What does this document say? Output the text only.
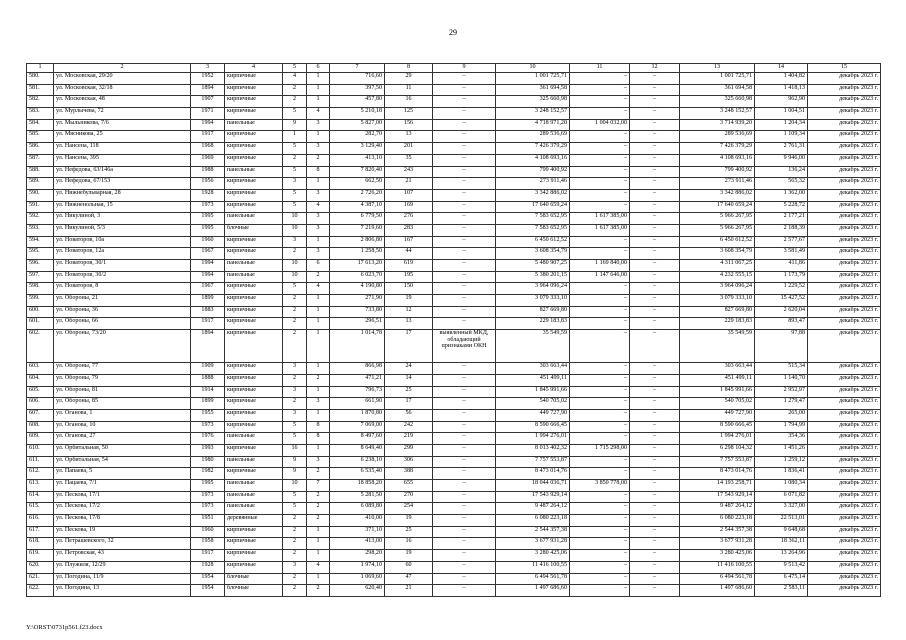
29
1	2	3	4	5	6	7	8	9	10	11	12	13	14	15
580.	ул. Московская, 29/20	1952	кирпичные	4	1	716,60	29	–	1 001 725,71	–	–	1 001 725,71	1 404,82	декабрь 2023 г.
581.	ул. Московская, 32/18	1894	кирпичные	2	1	397,50	11	–	361 694,58	–	–	361 694,58	1 418,13	декабрь 2023 г.
582.	ул. Московская, 48	1907	кирпичные	2	1	457,80	16	–	325 660,98	–	–	325 660,98	962,90	декабрь 2023 г.
583.	ул. Мурлычева, 72	1971	кирпичные	5	4	5 210,18	125	–	3 248 152,57	–	–	3 248 152,57	1 004,51	декабрь 2023 г.
584.	ул. Мыльникова, 7/6	1994	панельные	9	3	5 827,00	156	–	4 718 971,20	1 004 032,00	–	3 714 939,20	1 204,34	декабрь 2023 г.
585.	ул. Мясникова, 25	1917	кирпичные	1	1	282,70	13	–	289 536,69	–	–	289 536,69	1 109,34	декабрь 2023 г.
586.	ул. Нансена, 118	1968	кирпичные	5	3	3 129,40	201	–	7 426 379,29	–	–	7 426 379,29	2 761,31	декабрь 2023 г.
587.	ул. Нансена, 395	1969	кирпичные	2	2	413,10	35	–	4 108 693,16	–	–	4 108 693,16	9 946,00	декабрь 2023 г.
588.	ул. Нефедова, 63/146а	1988	панельные	5	8	7 820,40	243	–	799 400,92	–	–	799 400,92	136,24	декабрь 2023 г.
589.	ул. Нефедова, 67/153	1956	кирпичные	3	1	662,50	21	–	273 911,46	–	–	273 911,46	565,32	декабрь 2023 г.
590.	ул. Нижнебульварная, 28	1928	кирпичные	5	3	2 726,20	107	–	3 342 886,02	–	–	3 342 886,02	1 362,00	декабрь 2023 г.
591.	ул. Нижненольная, 15	1973	кирпичные	5	4	4 387,10	169	–	17 640 659,24	–	–	17 640 659,24	5 228,72	декабрь 2023 г.
592.	ул. Никулиной, 3	1995	панельные	10	3	6 779,50	276	–	7 583 652,95	1 617 385,00	–	5 966 267,95	2 177,21	декабрь 2023 г.
593.	ул. Никулиной, 5/3	1995	блочные	10	3	7 219,60	283	–	7 583 652,95	1 617 385,00	–	5 966 267,95	2 188,39	декабрь 2023 г.
594.	ул. Новаторов, 10а	1960	кирпичные	3	1	2 806,80	167	–	6 450 612,52	–	–	6 450 612,52	2 577,67	декабрь 2023 г.
595.	ул. Новаторов, 12а	1967	кирпичные	2	3	1 258,50	44	–	3 608 354,79	–	–	3 608 354,79	3 581,49	декабрь 2023 г.
596.	ул. Новаторов, 30/1	1994	панельные	10	6	17 613,20	619	–	5 480 907,25	1 169 840,00	–	4 311 067,25	411,86	декабрь 2023 г.
597.	ул. Новаторов, 30/2	1994	панельные	10	2	6 023,70	195	–	5 380 201,15	1 147 646,00	–	4 232 555,15	1 173,79	декабрь 2023 г.
598.	ул. Новаторов, 8	1967	кирпичные	5	4	4 190,80	150	–	3 964 096,24	–	–	3 964 096,24	1 229,52	декабрь 2023 г.
599.	ул. Обороны, 21	1899	кирпичные	2	1	271,90	19	–	3 079 333,10	–	–	3 079 333,10	15 427,52	декабрь 2023 г.
600.	ул. Обороны, 36	1883	кирпичные	2	1	733,80	12	–	827 669,80	–	–	827 669,80	2 620,04	декабрь 2023 г.
601.	ул. Обороны, 66	1917	кирпичные	2	1	296,51	13	–	229 183,83	–	–	229 183,83	893,47	декабрь 2023 г.
602.	ул. Обороны, 73/20	1894	кирпичные	2	1	1 014,78	17	выявленный МКД, обладающий признаками ОКН	35 549,59	–	–	35 549,59	97,88	декабрь 2023 г.
603.	ул. Обороны, 77	1909	кирпичные	3	1	866,98	24	–	303 663,44	–	–	303 663,44	515,34	декабрь 2023 г.
604.	ул. Обороны, 79	1888	кирпичные	2	2	471,21	14	–	451 499,11	–	–	451 499,11	1 140,70	декабрь 2023 г.
605.	ул. Обороны, 81	1914	кирпичные	3	1	796,73	25	–	1 845 991,66	–	–	1 845 991,66	2 952,97	декабрь 2023 г.
606.	ул. Обороны, 85	1899	кирпичные	2	3	661,90	17	–	540 705,02	–	–	540 705,02	1 279,47	декабрь 2023 г.
607.	ул. Оганова, 1	1955	кирпичные	3	1	1 870,80	56	–	449 727,90	–	–	449 727,90	265,00	декабрь 2023 г.
608.	ул. Оганова, 10	1973	кирпичные	5	8	7 069,00	242	–	8 590 666,45	–	–	8 590 666,45	1 794,99	декабрь 2023 г.
609.	ул. Оганова, 27	1976	панельные	5	8	8 497,60	219	–	1 994 276,01	–	–	1 994 276,01	354,36	декабрь 2023 г.
610.	ул. Орбитальная, 50	1993	кирпичные	16	1	8 649,40	299	–	8 013 402,32	1 715 298,00	–	6 298 104,32	1 451,26	декабрь 2023 г.
611.	ул. Орбитальная, 54	1980	панельные	9	3	6 238,10	306	–	7 757 553,87	–	–	7 757 553,87	1 259,12	декабрь 2023 г.
612.	ул. Папаева, 5	1982	кирпичные	9	2	6 535,40	388	–	8 473 014,76	–	–	8 473 014,76	1 836,41	декабрь 2023 г.
613.	ул. Пацаева, 7/1	1995	панельные	10	7	18 858,20	655	–	18 044 036,71	3 850 778,00	–	14 193 258,71	1 080,34	декабрь 2023 г.
614.	ул. Пескова, 17/1	1973	панельные	5	2	5 281,50	270	–	17 543 929,14	–	–	17 543 929,14	6 071,82	декабрь 2023 г.
615.	ул. Пескова, 17/2	1973	панельные	5	2	6 089,80	254	–	9 487 264,12	–	–	9 487 264,12	3 327,00	декабрь 2023 г.
616.	ул. Пескова, 17/8	1951	деревянные	2	2	410,00	19	–	6 080 223,18	–	–	6 080 223,18	22 513,01	декабрь 2023 г.
617.	ул. Пескова, 19	1960	кирпичные	2	1	371,10	25	–	2 544 357,38	–	–	2 544 357,38	9 648,68	декабрь 2023 г.
618.	ул. Петрашевского, 32	1958	кирпичные	2	1	413,00	16	–	3 677 931,28	–	–	3 677 931,28	18 362,11	декабрь 2023 г.
619.	ул. Петровская, 43	1917	кирпичные	2	1	298,20	19	–	3 280 425,06	–	–	3 280 425,06	13 264,96	декабрь 2023 г.
620.	ул. Плужиля, 12/29	1928	кирпичные	3	4	1 974,10	60	–	11 416 100,55	–	–	11 416 100,55	9 513,42	декабрь 2023 г.
621.	ул. Погодина, 11/9	1954	блочные	2	1	1 069,60	47	–	6 494 561,78	–	–	6 494 561,78	6 475,14	декабрь 2023 г.
622.	ул. Погодина, 13	1954	блочные	2	2	620,40	21	–	1 497 686,60	–	–	1 497 686,60	2 583,11	декабрь 2023 г.
Y:\ORST\0731p561.f23.docx
